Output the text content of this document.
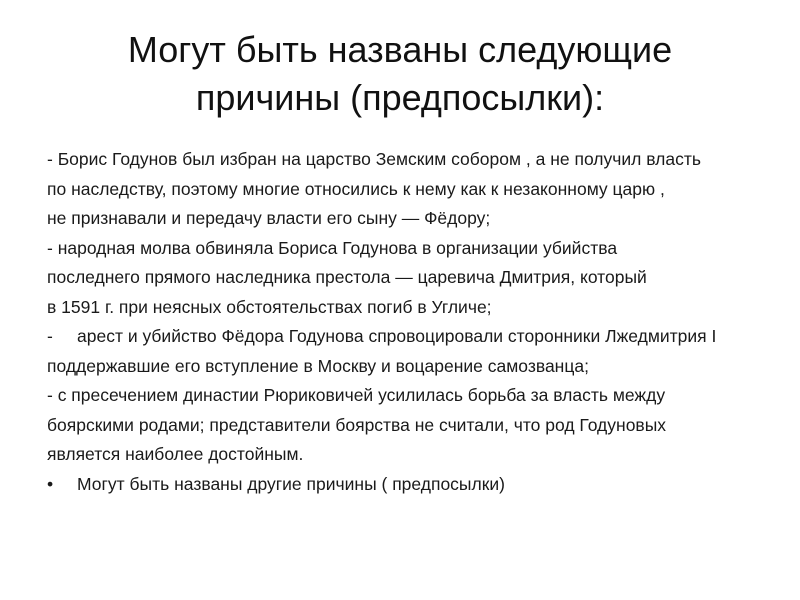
Могут быть названы следующие
причины (предпосылки):
- Борис Годунов был избран на царство Земским собором , а не получил власть
по наследству, поэтому многие относились к нему как к незаконному царю ,
не признавали и передачу власти его сыну — Фёдору;
- народная молва обвиняла Бориса Годунова в организации убийства
последнего прямого наследника престола — царевича Дмитрия, который
в 1591 г. при неясных обстоятельствах погиб в Угличе;
- арест и убийство Фёдора Годунова спровоцировали сторонники Лжедмитрия I
поддержавшие его вступление в Москву и воцарение самозванца;
- с пресечением династии Рюриковичей усилилась борьба за власть между
боярскими родами; представители боярства не считали, что род Годуновых
является наиболее достойным.
• Могут быть названы другие причины ( предпосылки)
